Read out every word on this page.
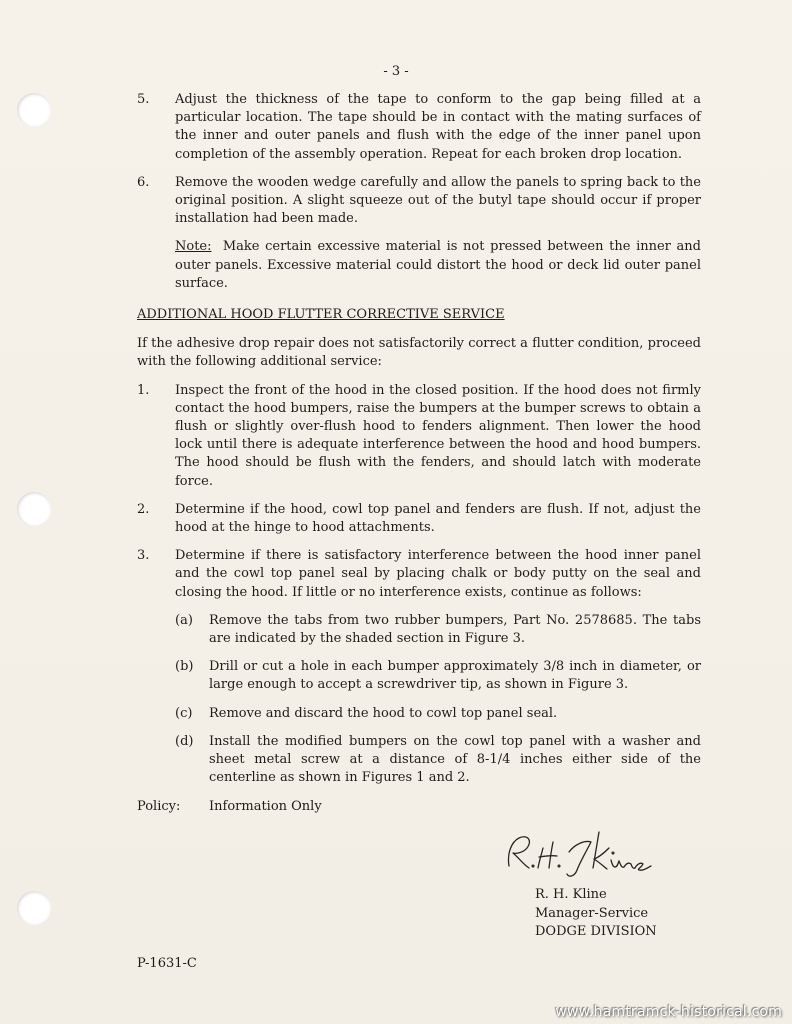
- 3 -
5.	Adjust the thickness of the tape to conform to the gap being filled at a particular location. The tape should be in contact with the mating surfaces of the inner and outer panels and flush with the edge of the inner panel upon completion of the assembly operation. Repeat for each broken drop location.
6.	Remove the wooden wedge carefully and allow the panels to spring back to the original position. A slight squeeze out of the butyl tape should occur if proper installation had been made.
Note: Make certain excessive material is not pressed between the inner and outer panels. Excessive material could distort the hood or deck lid outer panel surface.
ADDITIONAL HOOD FLUTTER CORRECTIVE SERVICE
If the adhesive drop repair does not satisfactorily correct a flutter condition, proceed with the following additional service:
1.	Inspect the front of the hood in the closed position. If the hood does not firmly contact the hood bumpers, raise the bumpers at the bumper screws to obtain a flush or slightly over-flush hood to fenders alignment. Then lower the hood lock until there is adequate interference between the hood and hood bumpers. The hood should be flush with the fenders, and should latch with moderate force.
2.	Determine if the hood, cowl top panel and fenders are flush. If not, adjust the hood at the hinge to hood attachments.
3.	Determine if there is satisfactory interference between the hood inner panel and the cowl top panel seal by placing chalk or body putty on the seal and closing the hood. If little or no interference exists, continue as follows:
(a)	Remove the tabs from two rubber bumpers, Part No. 2578685. The tabs are indicated by the shaded section in Figure 3.
(b)	Drill or cut a hole in each bumper approximately 3/8 inch in diameter, or large enough to accept a screwdriver tip, as shown in Figure 3.
(c)	Remove and discard the hood to cowl top panel seal.
(d)	Install the modified bumpers on the cowl top panel with a washer and sheet metal screw at a distance of 8-1/4 inches either side of the centerline as shown in Figures 1 and 2.
Policy:	Information Only
R. H. Kline
Manager-Service
DODGE DIVISION
P-1631-C
www.hamtramck-historical.com
